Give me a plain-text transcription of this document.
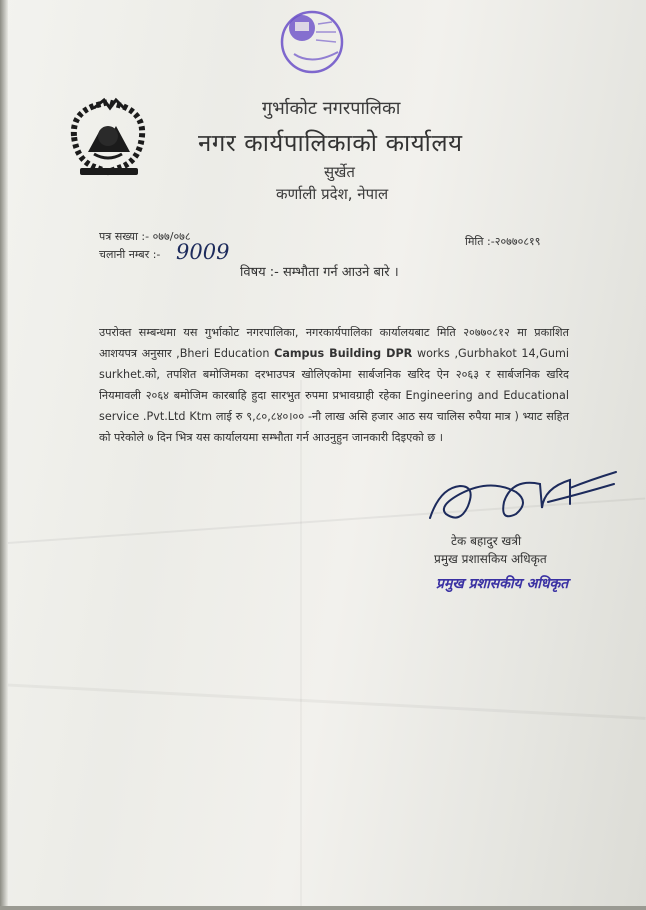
गुर्भाकोट नगरपालिका
नगर कार्यपालिकाको कार्यालय
सुर्खेत
कर्णाली प्रदेश, नेपाल
पत्र सख्या :- ०७७/०७८	मिति :-२०७७०८१९
चलानी नम्बर :- 9009
विषय :- सम्भौता गर्न आउने बारे ।
उपरोक्त सम्बन्धमा यस गुर्भाकोट नगरपालिका, नगरकार्यपालिका कार्यालयबाट मिति २०७७०८१२ मा प्रकाशित आशयपत्र अनुसार ,Bheri Education Campus Building DPR works ,Gurbhakot 14,Gumi surkhet.को, तपशित बमोजिमका दरभाउपत्र खोलिएकोमा सार्बजनिक खरिद ऐन २०६३ र सार्बजनिक खरिद नियमावली २०६४ बमोजिम कारबाहि हुदा सारभुत रुपमा प्रभावग्राही रहेका Engineering and Educational service .Pvt.Ltd Ktm लाई रु ९,८०,८४०।०० -नौ लाख असि हजार आठ सय चालिस रुपैया मात्र ) भ्याट सहित को परेकोले ७ दिन भित्र यस कार्यालयमा सम्भौता गर्न आउनुहुन जानकारी दिइएको छ ।
टेक बहादुर खत्री
प्रमुख प्रशासकिय अधिकृत
प्रमुख प्रशासकीय अधिकृत
